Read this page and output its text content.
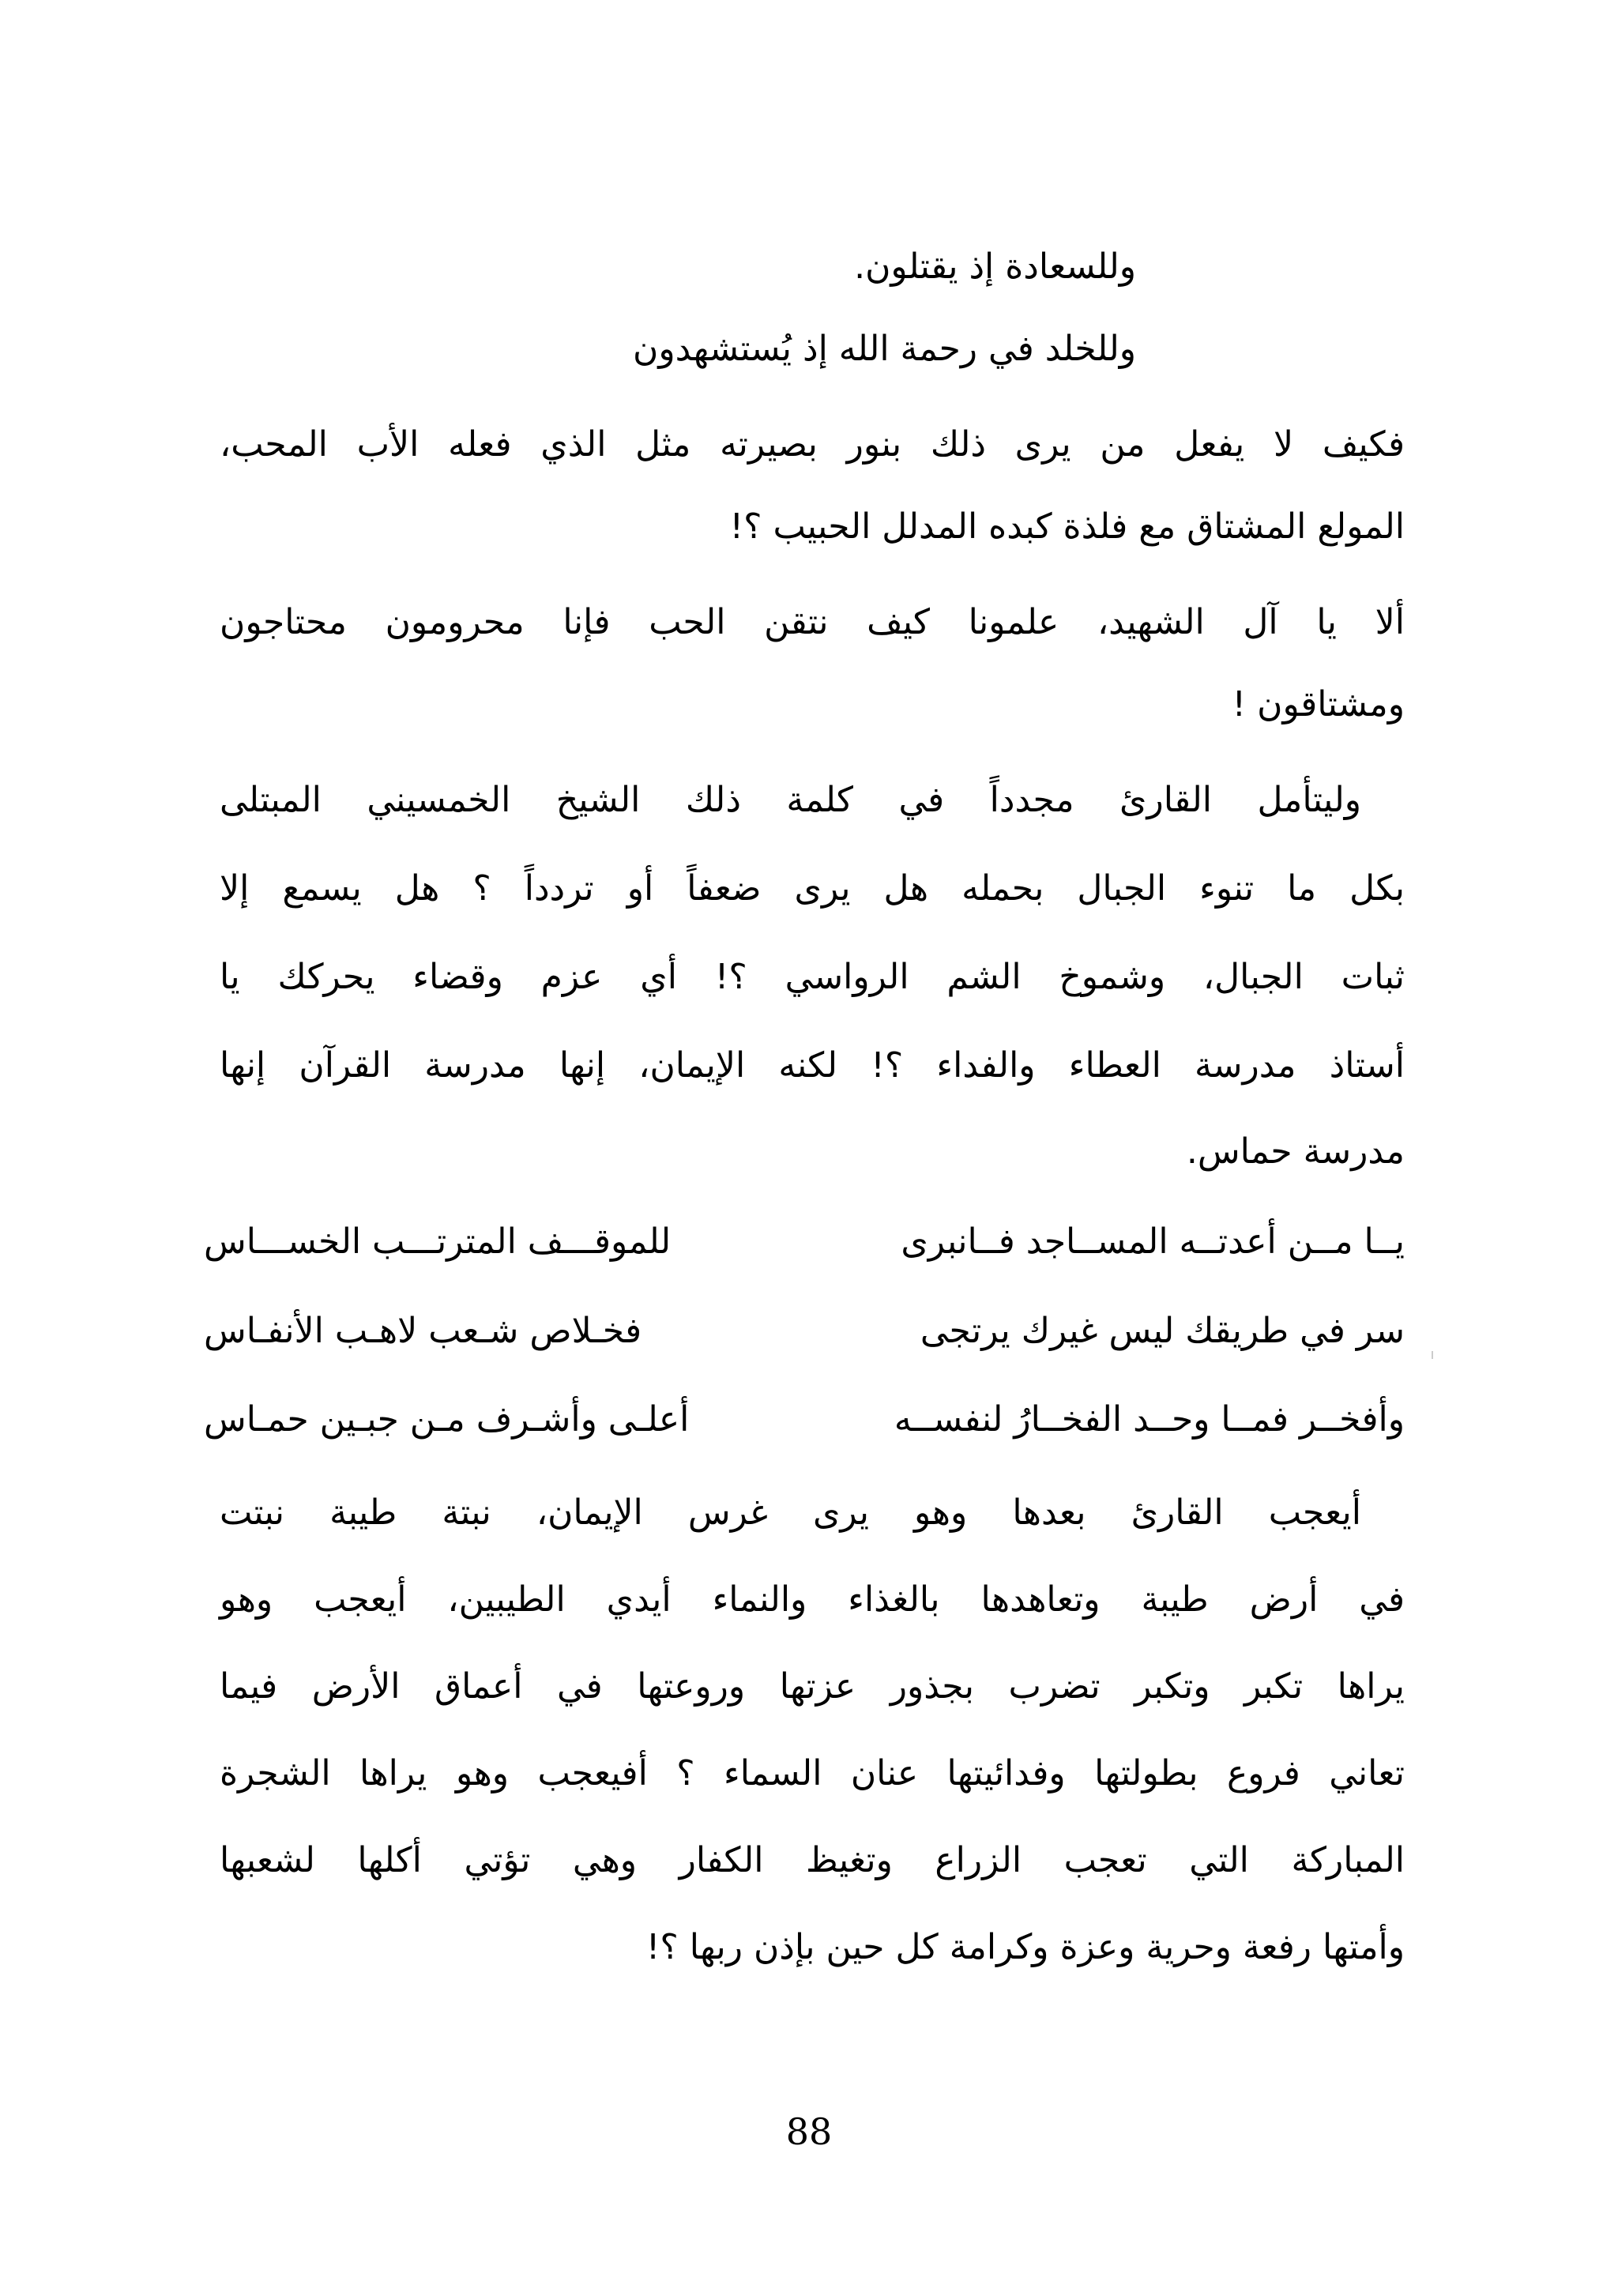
وللسعادة إذ يقتلون.
وللخلد في رحمة الله إذ يُستشهدون
فكيف لا يفعل من يرى ذلك بنور بصيرته مثل الذي فعله الأب المحب،
المولع المشتاق مع فلذة كبده المدلل الحبيب ؟!
ألا يا آل الشهيد، علمونا كيف نتقن الحب فإنا محرومون محتاجون
ومشتاقون !
وليتأمل القارئ مجدداً في كلمة ذلك الشيخ الخمسيني المبتلى
بكل ما تنوء الجبال بحمله هل يرى ضعفاً أو تردداً ؟ هل يسمع إلا
ثبات الجبال، وشموخ الشم الرواسي ؟! أي عزم وقضاء يحركك يا
أستاذ مدرسة العطاء والفداء ؟! لكنه الإيمان، إنها مدرسة القرآن إنها
مدرسة حماس.
يــا مــن أعدتــه المســاجد فــانبرى
للموقـــف المترتـــب الخســـاس
سر في طريقك ليس غيرك يرتجى
فخـلاص شـعب لاهـب الأنفـاس
وأفخــر فمــا وحــد الفخــارُ لنفســه
أعلـى وأشـرف مـن جبـين حمـاس
أيعجب القارئ بعدها وهو يرى غرس الإيمان، نبتة طيبة نبتت
في أرض طيبة وتعاهدها بالغذاء والنماء أيدي الطيبين، أيعجب وهو
يراها تكبر وتكبر تضرب بجذور عزتها وروعتها في أعماق الأرض فيما
تعاني فروع بطولتها وفدائيتها عنان السماء ؟ أفيعجب وهو يراها الشجرة
المباركة التي تعجب الزراع وتغيظ الكفار وهي تؤتي أكلها لشعبها
وأمتها رفعة وحرية وعزة وكرامة كل حين بإذن ربها ؟!
88
